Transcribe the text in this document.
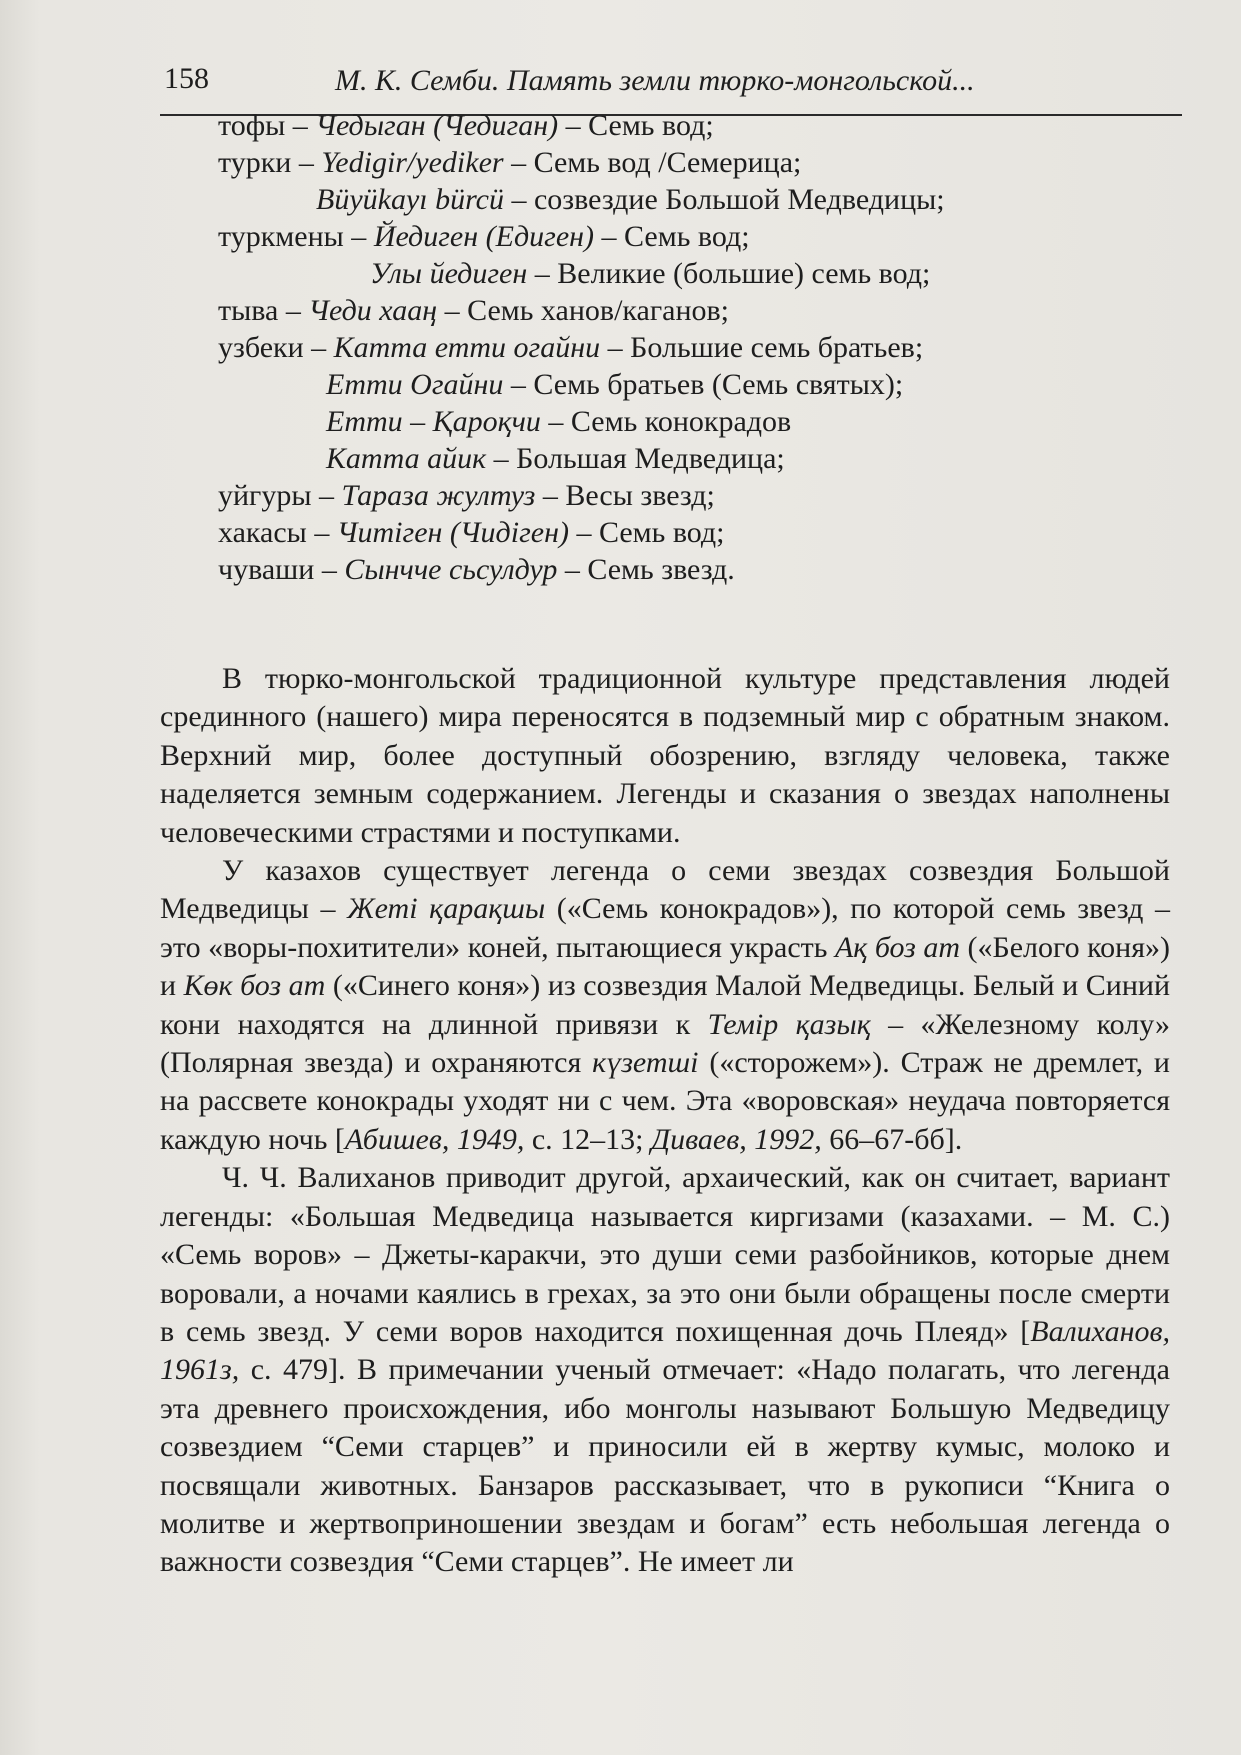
158	М. К. Семби. Память земли тюрко-монгольской...
тофы – Чедыган (Чедиган) – Семь вод;
турки – Yedigir/yediker – Семь вод /Семерица;
Büyükayı bürcü – созвездие Большой Медведицы;
туркмены – Йедиген (Едиген) – Семь вод;
Улы йедиген – Великие (большие) семь вод;
тыва – Чеди хааң – Семь ханов/каганов;
узбеки – Катта етти огайни – Большие семь братьев;
Етти Огайни – Семь братьев (Семь святых);
Етти – Қароқчи – Семь конокрадов
Катта айик – Большая Медведица;
уйгуры – Тараза жултуз – Весы звезд;
хакасы – Читiген (Чидiген) – Семь вод;
чуваши – Сынчче сьсулдур – Семь звезд.

В тюрко-монгольской традиционной культуре представления людей срединного (нашего) мира переносятся в подземный мир с обратным знаком. Верхний мир, более доступный обозрению, взгляду человека, также наделяется земным содержанием. Легенды и сказания о звездах наполнены человеческими страстями и поступками.

У казахов существует легенда о семи звездах созвездия Большой Медведицы – Жетi қарақшы («Семь конокрадов»), по которой семь звезд – это «воры-похитители» коней, пытающиеся украсть Ақ боз ат («Белого коня») и Көк боз ат («Синего коня») из созвездия Малой Медведицы. Белый и Синий кони находятся на длинной привязи к Темiр қазық – «Железному колу» (Полярная звезда) и охраняются күзетшi («сторожем»). Страж не дремлет, и на рассвете конокрады уходят ни с чем. Эта «воровская» неудача повторяется каждую ночь [Абишев, 1949, с. 12–13; Диваев, 1992, 66–67-бб].

Ч. Ч. Валиханов приводит другой, архаический, как он считает, вариант легенды: «Большая Медведица называется киргизами (казахами. – М. С.) «Семь воров» – Джеты-каракчи, это души семи разбойников, которые днем воровали, а ночами каялись в грехах, за это они были обращены после смерти в семь звезд. У семи воров находится похищенная дочь Плеяд» [Валиханов, 1961з, с. 479]. В примечании ученый отмечает: «Надо полагать, что легенда эта древнего происхождения, ибо монголы называют Большую Медведицу созвездием “Семи старцев” и приносили ей в жертву кумыс, молоко и посвящали животных. Банзаров рассказывает, что в рукописи “Книга о молитве и жертвоприношении звездам и богам” есть небольшая легенда о важности созвездия “Семи старцев”. Не имеет ли
